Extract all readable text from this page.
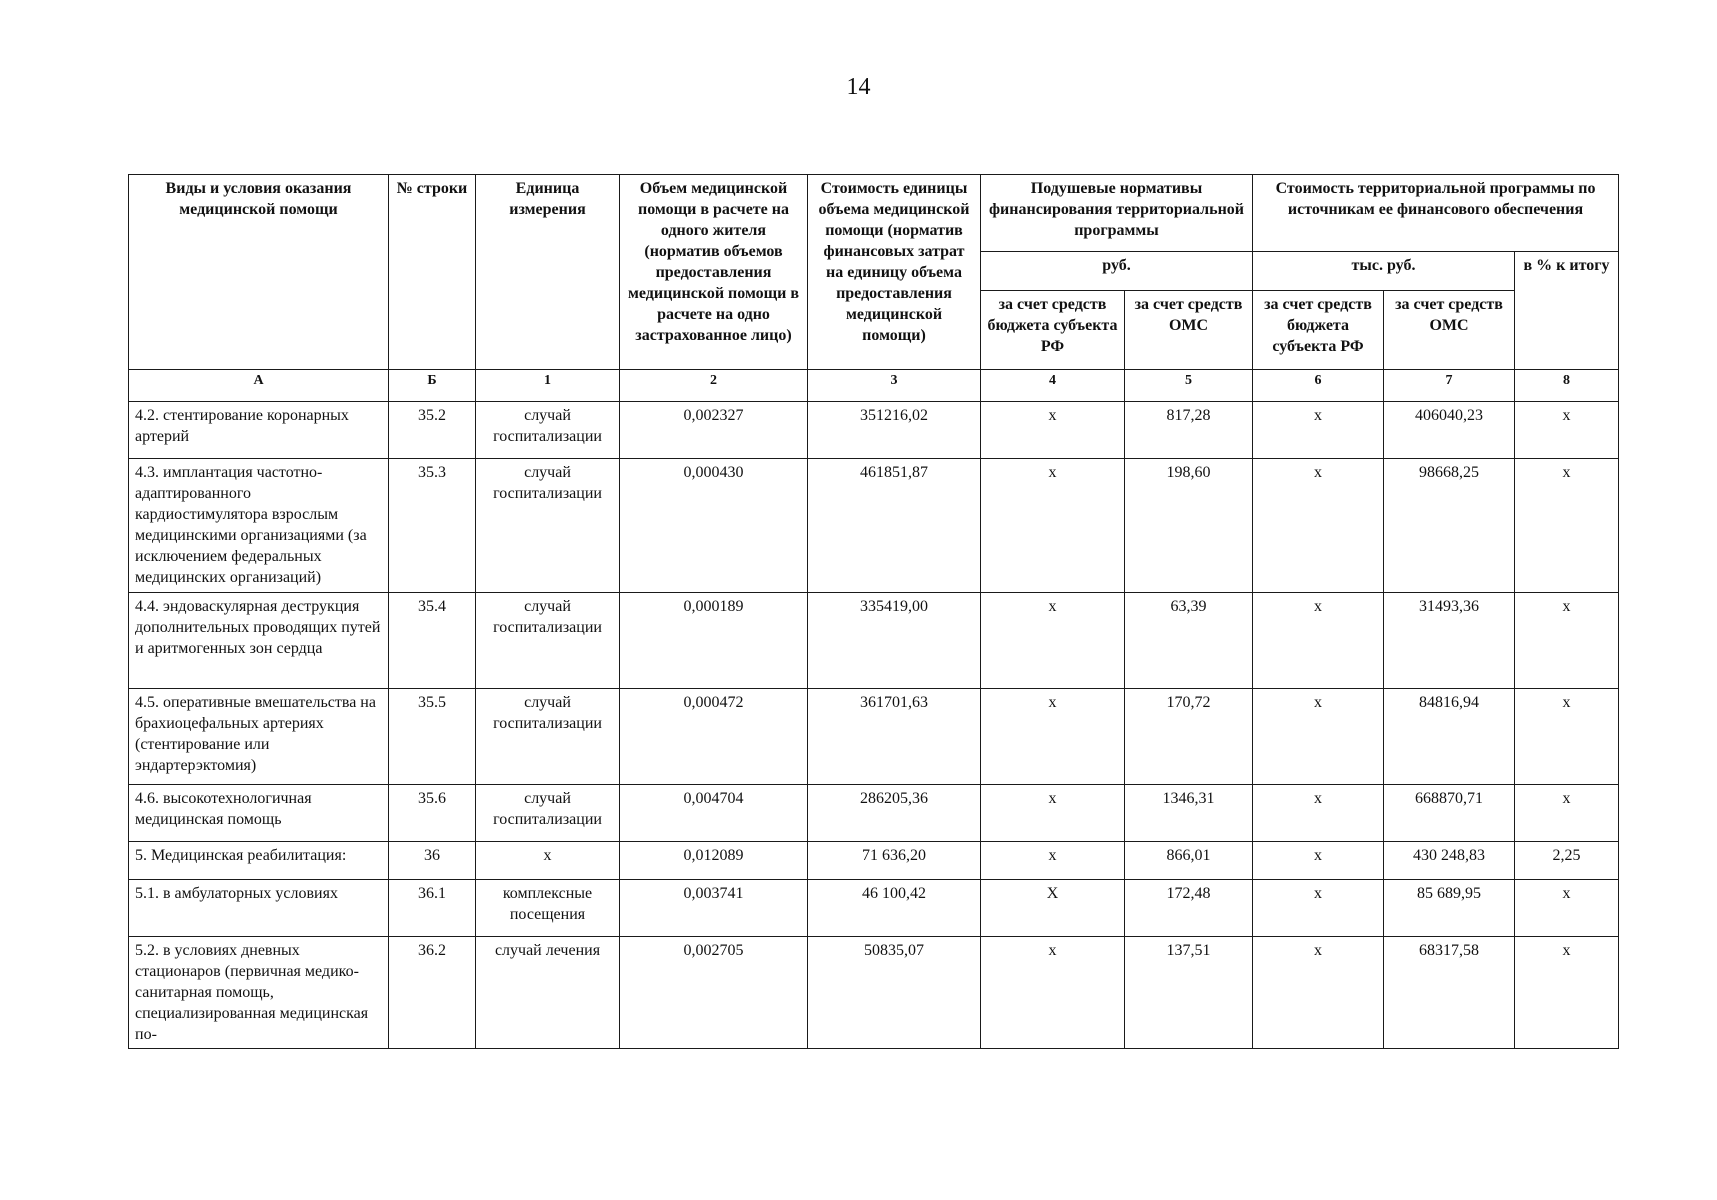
14
Виды и условия оказания медицинской помощи	№ строки	Единица измерения	Объем медицинской помощи в расчете на одного жителя (норматив объемов предоставления медицинской помощи в расчете на одно застрахованное лицо)	Стоимость единицы объема медицинской помощи (норматив финансовых затрат на единицу объема предоставления медицинской помощи)	Подушевые нормативы финансирования территориальной программы		Стоимость территориальной программы по источникам ее финансового обеспечения		
					руб.		тыс. руб.		в % к итогу
					за счет средств бюджета субъекта РФ	за счет средств ОМС	за счет средств бюджета субъекта РФ	за счет средств ОМС	
А	Б	1	2	3	4	5	6	7	8
4.2. стентирование коронарных артерий	35.2	случай госпитализации	0,002327	351216,02	х	817,28	х	406040,23	х
4.3. имплантация частотно-адаптированного кардиостимулятора взрослым медицинскими организациями (за исключением федеральных медицинских организаций)	35.3	случай госпитализации	0,000430	461851,87	х	198,60	х	98668,25	х
4.4. эндоваскулярная деструкция дополнительных проводящих путей и аритмогенных зон сердца	35.4	случай госпитализации	0,000189	335419,00	х	63,39	х	31493,36	х
4.5. оперативные вмешательства на брахиоцефальных артериях (стентирование или эндартерэктомия)	35.5	случай госпитализации	0,000472	361701,63	х	170,72	х	84816,94	х
4.6. высокотехнологичная медицинская помощь	35.6	случай госпитализации	0,004704	286205,36	х	1346,31	х	668870,71	х
5. Медицинская реабилитация:	36	х	0,012089	71 636,20	х	866,01	х	430 248,83	2,25
5.1. в амбулаторных условиях	36.1	комплексные посещения	0,003741	46 100,42	Х	172,48	х	85 689,95	х
5.2. в условиях дневных стационаров (первичная медико-санитарная помощь, специализированная медицинская по-	36.2	случай лечения	0,002705	50835,07	х	137,51	х	68317,58	х
